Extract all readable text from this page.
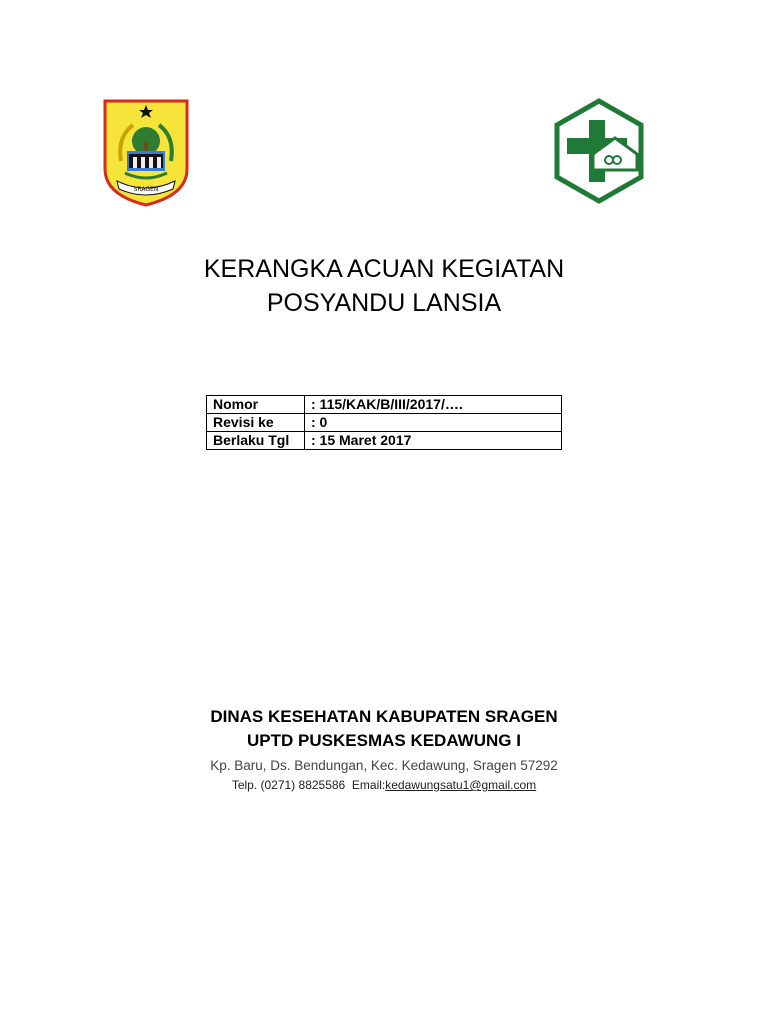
SRAGEN
KERANGKA ACUAN KEGIATAN
POSYANDU LANSIA
Nomor	: 115/KAK/B/III/2017/….
Revisi ke	: 0
Berlaku Tgl	: 15 Maret 2017
DINAS KESEHATAN KABUPATEN SRAGEN
UPTD PUSKESMAS KEDAWUNG I
Kp. Baru, Ds. Bendungan, Kec. Kedawung, Sragen 57292
Telp. (0271) 8825586  Email:kedawungsatu1@gmail.com
